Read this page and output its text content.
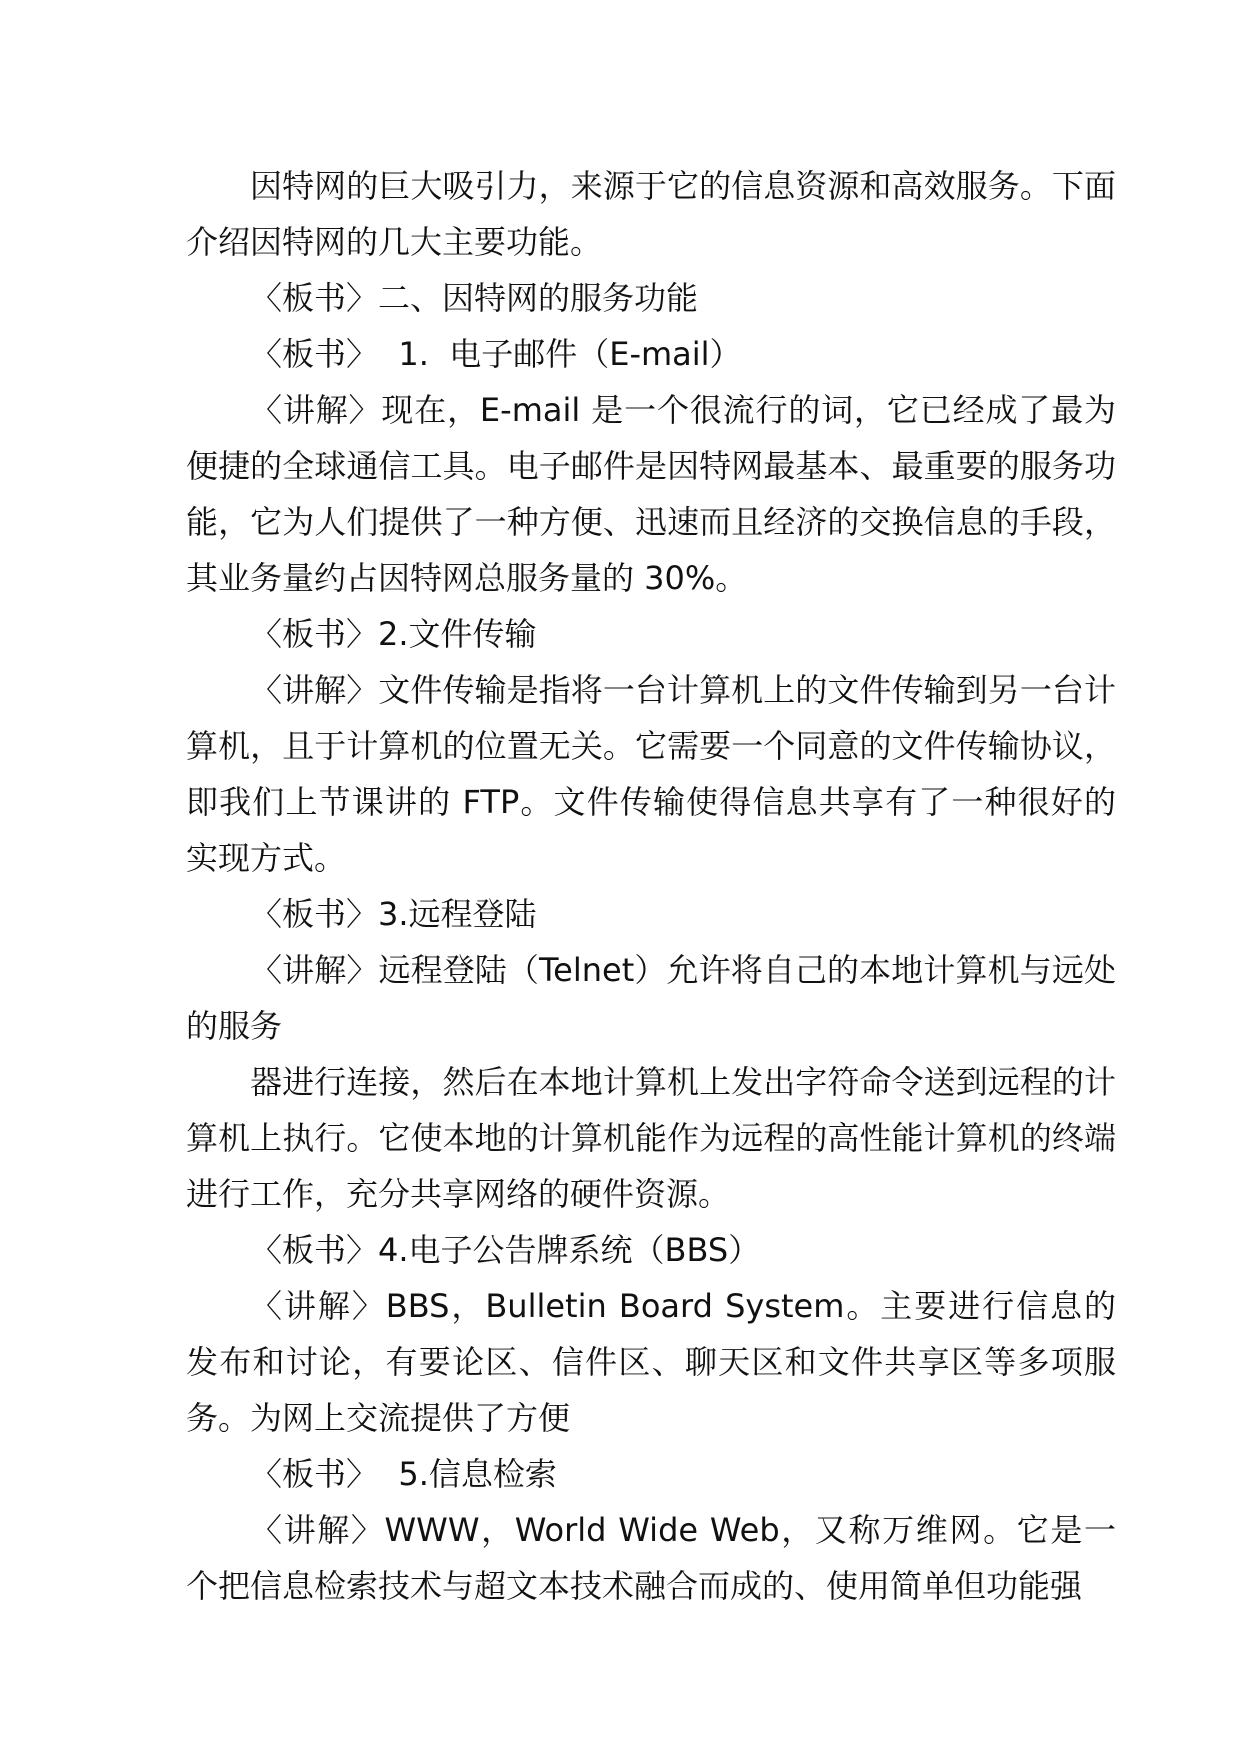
因特网的巨大吸引力，来源于它的信息资源和高效服务。下面介绍因特网的几大主要功能。

〈板书〉二、因特网的服务功能

〈板书〉  1.  电子邮件（E-mail）

〈讲解〉现在，E-mail 是一个很流行的词，它已经成了最为便捷的全球通信工具。电子邮件是因特网最基本、最重要的服务功能，它为人们提供了一种方便、迅速而且经济的交换信息的手段，其业务量约占因特网总服务量的 30%。

〈板书〉2.文件传输

〈讲解〉文件传输是指将一台计算机上的文件传输到另一台计算机，且于计算机的位置无关。它需要一个同意的文件传输协议，即我们上节课讲的 FTP。文件传输使得信息共享有了一种很好的实现方式。

〈板书〉3.远程登陆

〈讲解〉远程登陆（Telnet）允许将自己的本地计算机与远处的服务

器进行连接，然后在本地计算机上发出字符命令送到远程的计算机上执行。它使本地的计算机能作为远程的高性能计算机的终端进行工作，充分共享网络的硬件资源。

〈板书〉4.电子公告牌系统（BBS）

〈讲解〉BBS，Bulletin Board System。主要进行信息的发布和讨论，有要论区、信件区、聊天区和文件共享区等多项服务。为网上交流提供了方便

〈板书〉  5.信息检索

〈讲解〉WWW，World Wide Web，又称万维网。它是一个把信息检索技术与超文本技术融合而成的、使用简单但功能强
